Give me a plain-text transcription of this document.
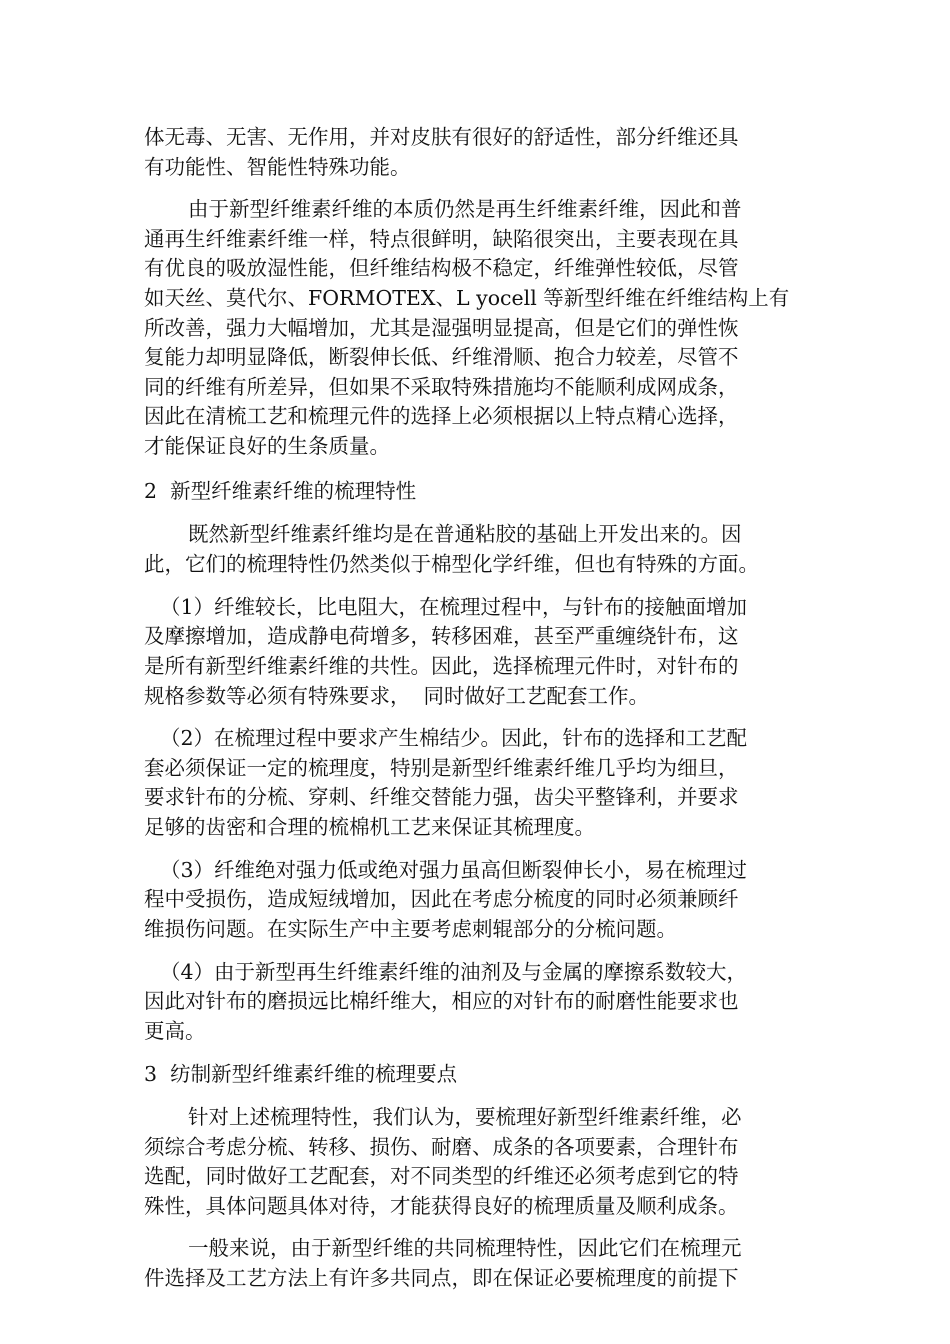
体无毒、无害、无作用，并对皮肤有很好的舒适性，部分纤维还具

有功能性、智能性特殊功能。

由于新型纤维素纤维的本质仍然是再生纤维素纤维，因此和普

通再生纤维素纤维一样，特点很鲜明，缺陷很突出，主要表现在具

有优良的吸放湿性能，但纤维结构极不稳定，纤维弹性较低，尽管

如天丝、莫代尔、FORMOTEX、L yocell 等新型纤维在纤维结构上有

所改善，强力大幅增加，尤其是湿强明显提高，但是它们的弹性恢

复能力却明显降低，断裂伸长低、纤维滑顺、抱合力较差，尽管不

同的纤维有所差异，但如果不采取特殊措施均不能顺利成网成条，

因此在清梳工艺和梳理元件的选择上必须根据以上特点精心选择，

才能保证良好的生条质量。

2  新型纤维素纤维的梳理特性

既然新型纤维素纤维均是在普通粘胶的基础上开发出来的。因

此，它们的梳理特性仍然类似于棉型化学纤维，但也有特殊的方面。

（1）纤维较长，比电阻大，在梳理过程中，与针布的接触面增加

及摩擦增加，造成静电荷增多，转移困难，甚至严重缠绕针布，这

是所有新型纤维素纤维的共性。因此，选择梳理元件时，对针布的

规格参数等必须有特殊要求，  同时做好工艺配套工作。

（2）在梳理过程中要求产生棉结少。因此，针布的选择和工艺配

套必须保证一定的梳理度，特别是新型纤维素纤维几乎均为细旦，

要求针布的分梳、穿刺、纤维交替能力强，齿尖平整锋利，并要求

足够的齿密和合理的梳棉机工艺来保证其梳理度。

（3）纤维绝对强力低或绝对强力虽高但断裂伸长小，易在梳理过

程中受损伤，造成短绒增加，因此在考虑分梳度的同时必须兼顾纤

维损伤问题。在实际生产中主要考虑刺辊部分的分梳问题。

（4）由于新型再生纤维素纤维的油剂及与金属的摩擦系数较大，

因此对针布的磨损远比棉纤维大，相应的对针布的耐磨性能要求也

更高。

3  纺制新型纤维素纤维的梳理要点

针对上述梳理特性，我们认为，要梳理好新型纤维素纤维，必

须综合考虑分梳、转移、损伤、耐磨、成条的各项要素，合理针布

选配，同时做好工艺配套，对不同类型的纤维还必须考虑到它的特

殊性，具体问题具体对待，才能获得良好的梳理质量及顺利成条。

一般来说，由于新型纤维的共同梳理特性，因此它们在梳理元

件选择及工艺方法上有许多共同点，即在保证必要梳理度的前提下
